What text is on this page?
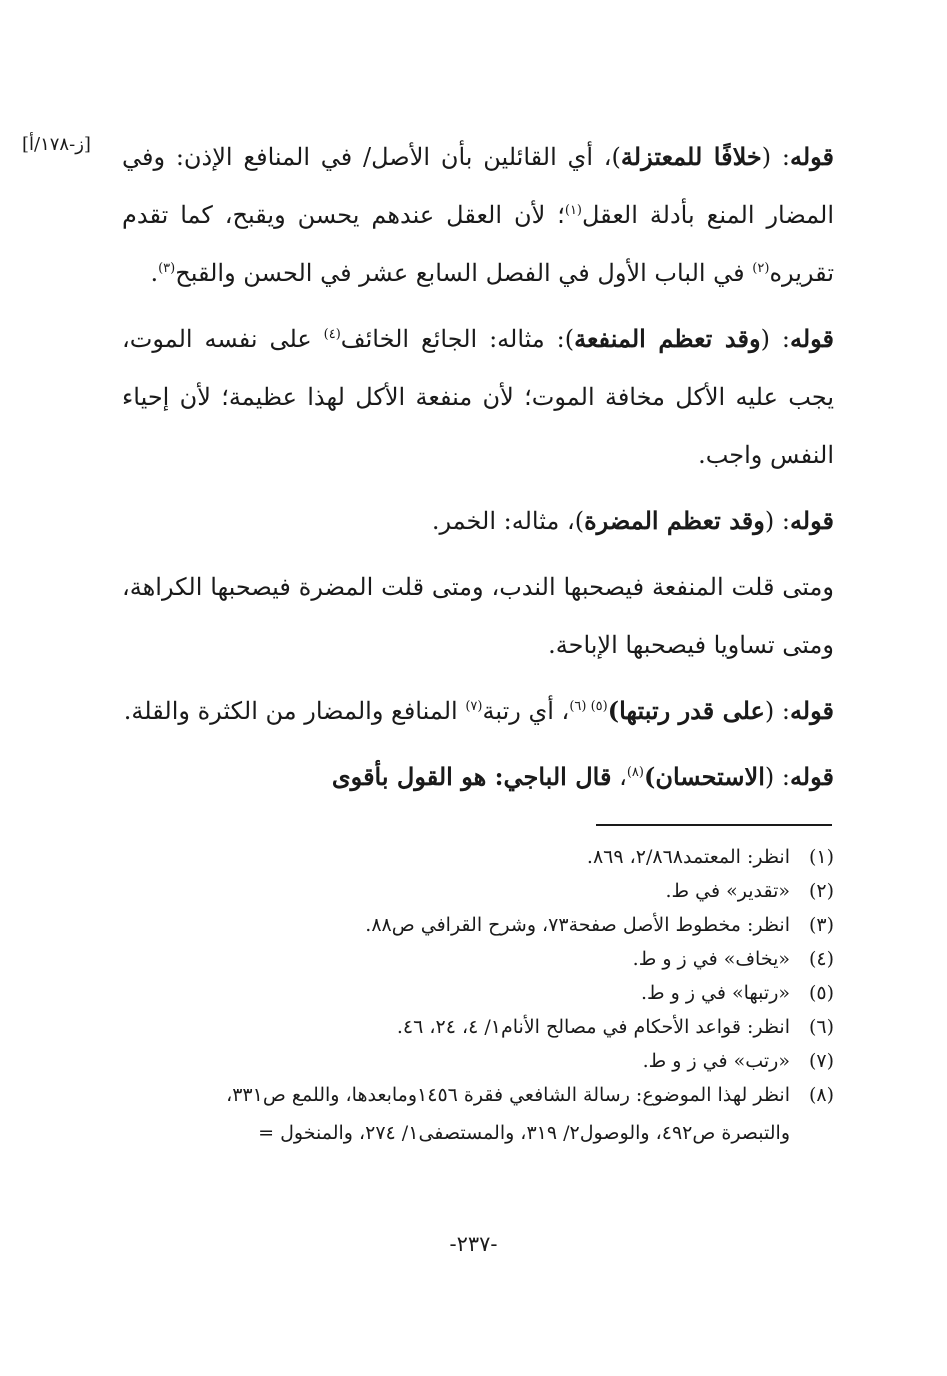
[ز-١٧٨/أ]	قوله: (خلافًا للمعتزلة)، أي القائلين بأن الأصل/ في المنافع الإذن: وفي المضار المنع بأدلة العقل$^{(١)}$؛ لأن العقل عندهم يحسن ويقبح، كما تقدم تقريره$^{(٢)}$ في الباب الأول في الفصل السابع عشر في الحسن والقبح$^{(٣)}$.

قوله: (وقد تعظم المنفعة): مثاله: الجائع الخائف$^{(٤)}$ على نفسه الموت، يجب عليه الأكل مخافة الموت؛ لأن منفعة الأكل لهذا عظيمة؛ لأن إحياء النفس واجب.

قوله: (وقد تعظم المضرة)، مثاله: الخمر.

ومتى قلت المنفعة فيصحبها الندب، ومتى قلت المضرة فيصحبها الكراهة، ومتى تساويا فيصحبها الإباحة.

قوله: (على قدر رتبتها)$^{(٥) (٦)}$، أي رتبة$^{(٧)}$ المنافع والمضار من الكثرة والقلة.

قوله: (الاستحسان)$^{(٨)}$، قال الباجي: هو القول بأقوى

(١)
انظر: المعتمد٢/٨٦٨، ٨٦٩.
(٢)
«تقدير» في ط.
(٣)
انظر: مخطوط الأصل صفحة٧٣، وشرح القرافي ص٨٨.
(٤)
«يخاف» في ز و ط.
(٥)
«رتبها» في ز و ط.
(٦)
انظر: قواعد الأحكام في مصالح الأنام١/ ٤، ٢٤، ٤٦.
(٧)
«رتب» في ز و ط.
(٨)
انظر لهذا الموضوع: رسالة الشافعي فقرة ١٤٥٦ومابعدها، واللمع ص٣٣١،
والتبصرة ص٤٩٢، والوصول٢/ ٣١٩، والمستصفى١/ ٢٧٤، والمنخول =
-٢٣٧-
